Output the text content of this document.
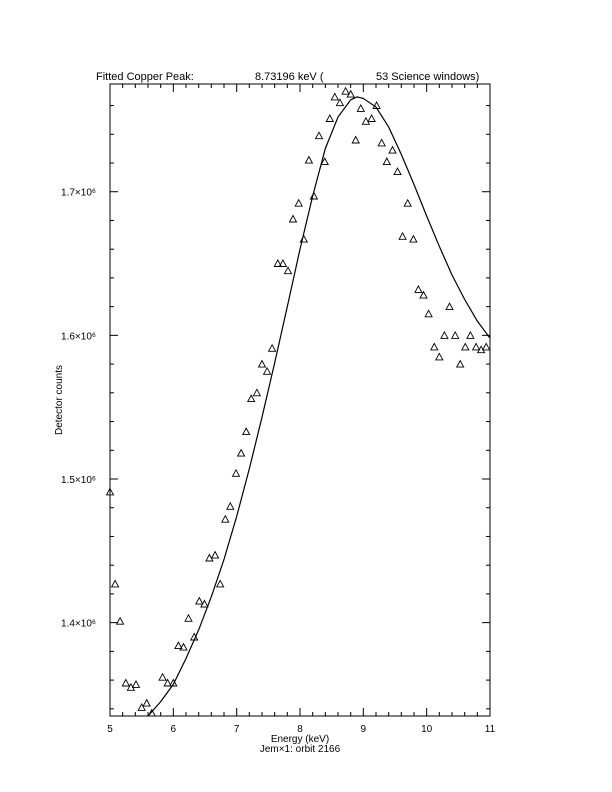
Fitted Copper Peak:	8.73196 keV (	53 Science windows)
5	6	7	8	9	10	11
1.4×10⁶
1.5×10⁶
1.6×10⁶
1.7×10⁶
Energy (keV)
Jem×1: orbit 2166
Detector counts
